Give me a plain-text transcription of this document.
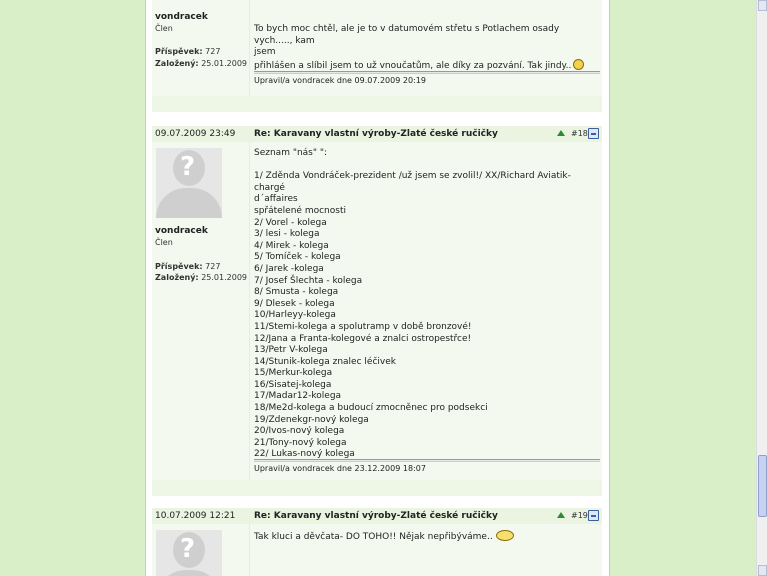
vondracek
Člen
Příspěvek: 727
Založený: 25.01.2009
To bych moc chtěl, ale je to v datumovém střetu s Potlachem osady vych....., kam
jsem
přihlášen a slíbil jsem to už vnoučatům, ale díky za pozvání. Tak jindy..
Upravil/a vondracek dne 09.07.2009 20:19
09.07.2009 23:49 Re: Karavany vlastní výroby-Zlaté české ručičky	#18
?
vondracek
Člen
Příspěvek: 727
Založený: 25.01.2009
Seznam "nás" ":

1/ Zděnda Vondráček-prezident /už jsem se zvolil!/ XX/Richard Aviatik-chargé
d´affaires
spřátelené mocnosti
2/ Vorel - kolega
3/ lesi - kolega
4/ Mirek - kolega
5/ Tomíček - kolega
6/ Jarek -kolega
7/ Josef Šlechta - kolega
8/ Smusta - kolega
9/ Dlesek - kolega
10/Harleyy-kolega
11/Stemi-kolega a spolutramp v době bronzové!
12/Jana a Franta-kolegové a znalci ostropestřce!
13/Petr V-kolega
14/Stunik-kolega znalec léčivek
15/Merkur-kolega
16/Sisatej-kolega
17/Madar12-kolega
18/Me2d-kolega a budoucí zmocněnec pro podsekci
19/Zdenekgr-nový kolega
20/Ivos-nový kolega
21/Tony-nový kolega
22/ Lukas-nový kolega
Upravil/a vondracek dne 23.12.2009 18:07
10.07.2009 12:21 Re: Karavany vlastní výroby-Zlaté české ručičky	#19
?	Tak kluci a děvčata- DO TOHO!! Nějak nepřibýváme..
